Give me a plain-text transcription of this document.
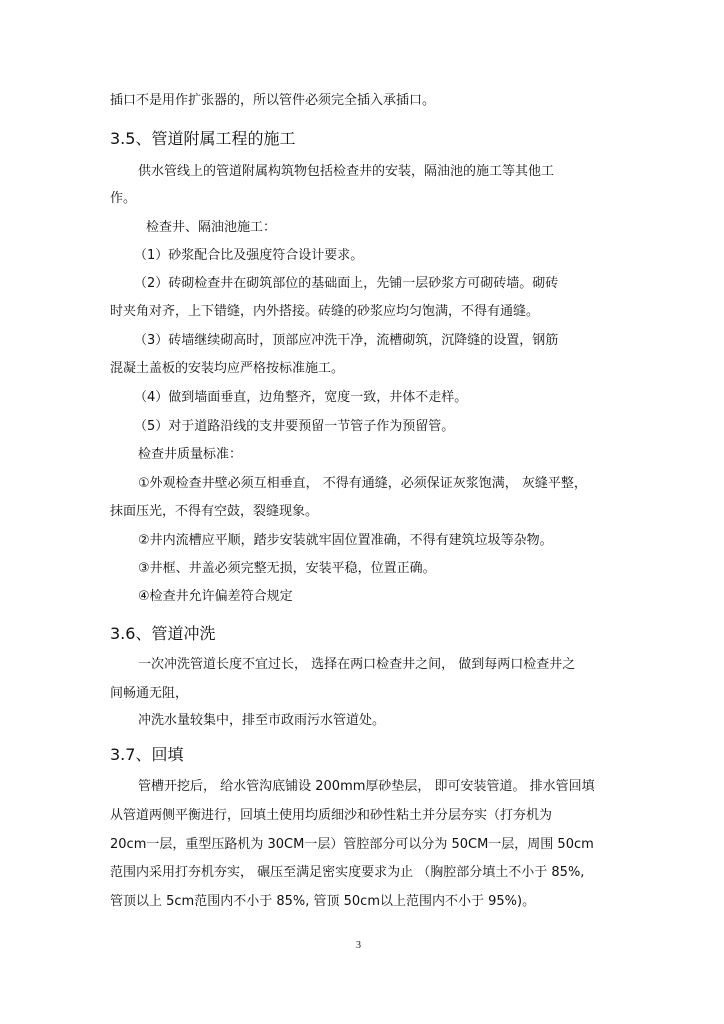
插口不是用作扩张器的，所以管件必须完全插入承插口。
3.5、管道附属工程的施工
供水管线上的管道附属构筑物包括检查井的安装，隔油池的施工等其他工
作。
检查井、隔油池施工：
（1）砂浆配合比及强度符合设计要求。
（2）砖砌检查井在砌筑部位的基础面上，先铺一层砂浆方可砌砖墙。砌砖
时夹角对齐，上下错缝，内外搭接。砖缝的砂浆应均匀饱满，不得有通缝。
（3）砖墙继续砌高时，顶部应冲洗干净，流槽砌筑，沉降缝的设置，钢筋
混凝土盖板的安装均应严格按标准施工。
（4）做到墙面垂直，边角整齐，宽度一致，井体不走样。
（5）对于道路沿线的支井要预留一节管子作为预留管。
检查井质量标准：
①外观检查井壁必须互相垂直， 不得有通缝，必须保证灰浆饱满， 灰缝平整，
抹面压光，不得有空鼓，裂缝现象。
②井内流槽应平顺，踏步安装就牢固位置准确，不得有建筑垃圾等杂物。
③井框、井盖必须完整无损，安装平稳，位置正确。
④检查井允许偏差符合规定
3.6、管道冲洗
一次冲洗管道长度不宜过长， 选择在两口检查井之间， 做到每两口检查井之
间畅通无阻，
冲洗水量较集中，排至市政雨污水管道处。
3.7、回填
管槽开挖后， 给水管沟底铺设 200mm厚砂垫层， 即可安装管道。 排水管回填
从管道两侧平衡进行，回填土使用均质细沙和砂性粘土并分层夯实（打夯机为
20cm一层，重型压路机为 30CM一层）管腔部分可以分为 50CM一层，周围 50cm
范围内采用打夯机夯实， 碾压至满足密实度要求为止 （胸腔部分填土不小于 85%,
管顶以上 5cm范围内不小于 85%, 管顶 50cm以上范围内不小于 95%)。
3
